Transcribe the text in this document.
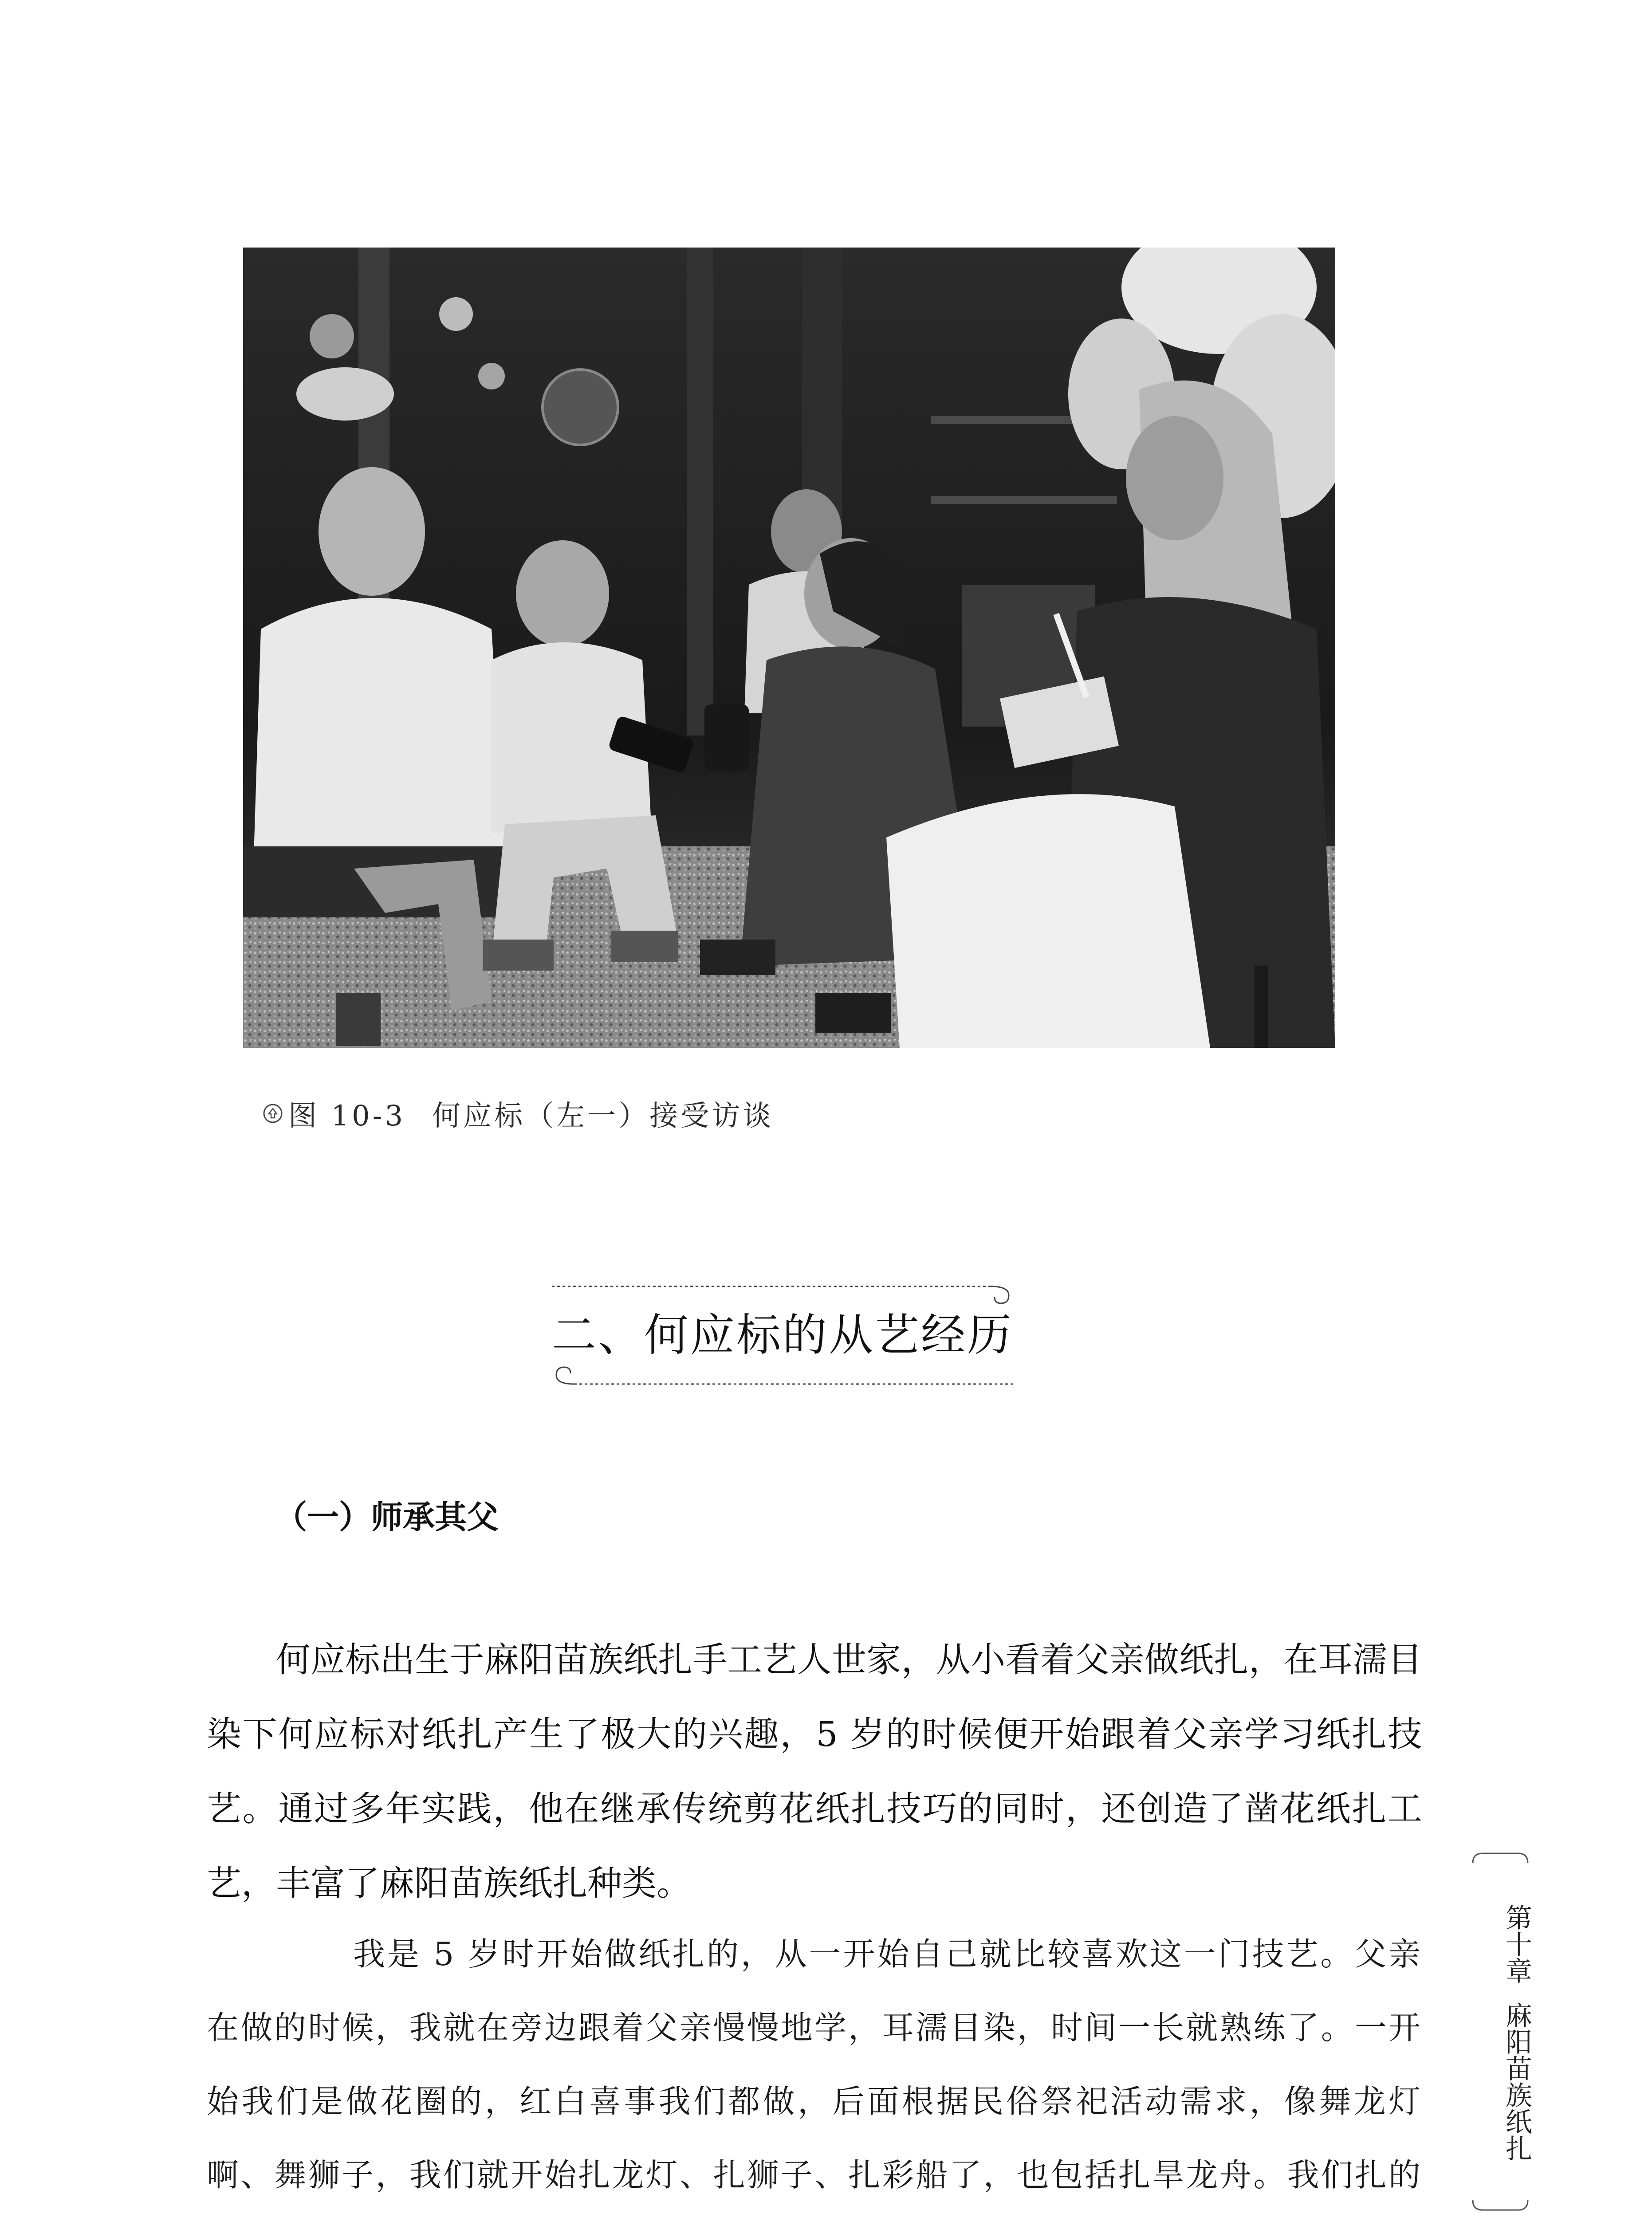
图 10-3 何应标（左一）接受访谈
二、何应标的从艺经历
（一）师承其父

何应标出生于麻阳苗族纸扎手工艺人世家，从小看着父亲做纸扎，在耳濡目染下何应标对纸扎产生了极大的兴趣，5 岁的时候便开始跟着父亲学习纸扎技艺。通过多年实践，他在继承传统剪花纸扎技巧的同时，还创造了凿花纸扎工艺，丰富了麻阳苗族纸扎种类。

我是 5 岁时开始做纸扎的，从一开始自己就比较喜欢这一门技艺。父亲在做的时候，我就在旁边跟着父亲慢慢地学，耳濡目染，时间一长就熟练了。一开始我们是做花圈的，红白喜事我们都做，后面根据民俗祭祀活动需求，像舞龙灯啊、舞狮子，我们就开始扎龙灯、扎狮子、扎彩船了，也包括扎旱龙舟。我们扎的

第十章
麻阳苗族纸扎
